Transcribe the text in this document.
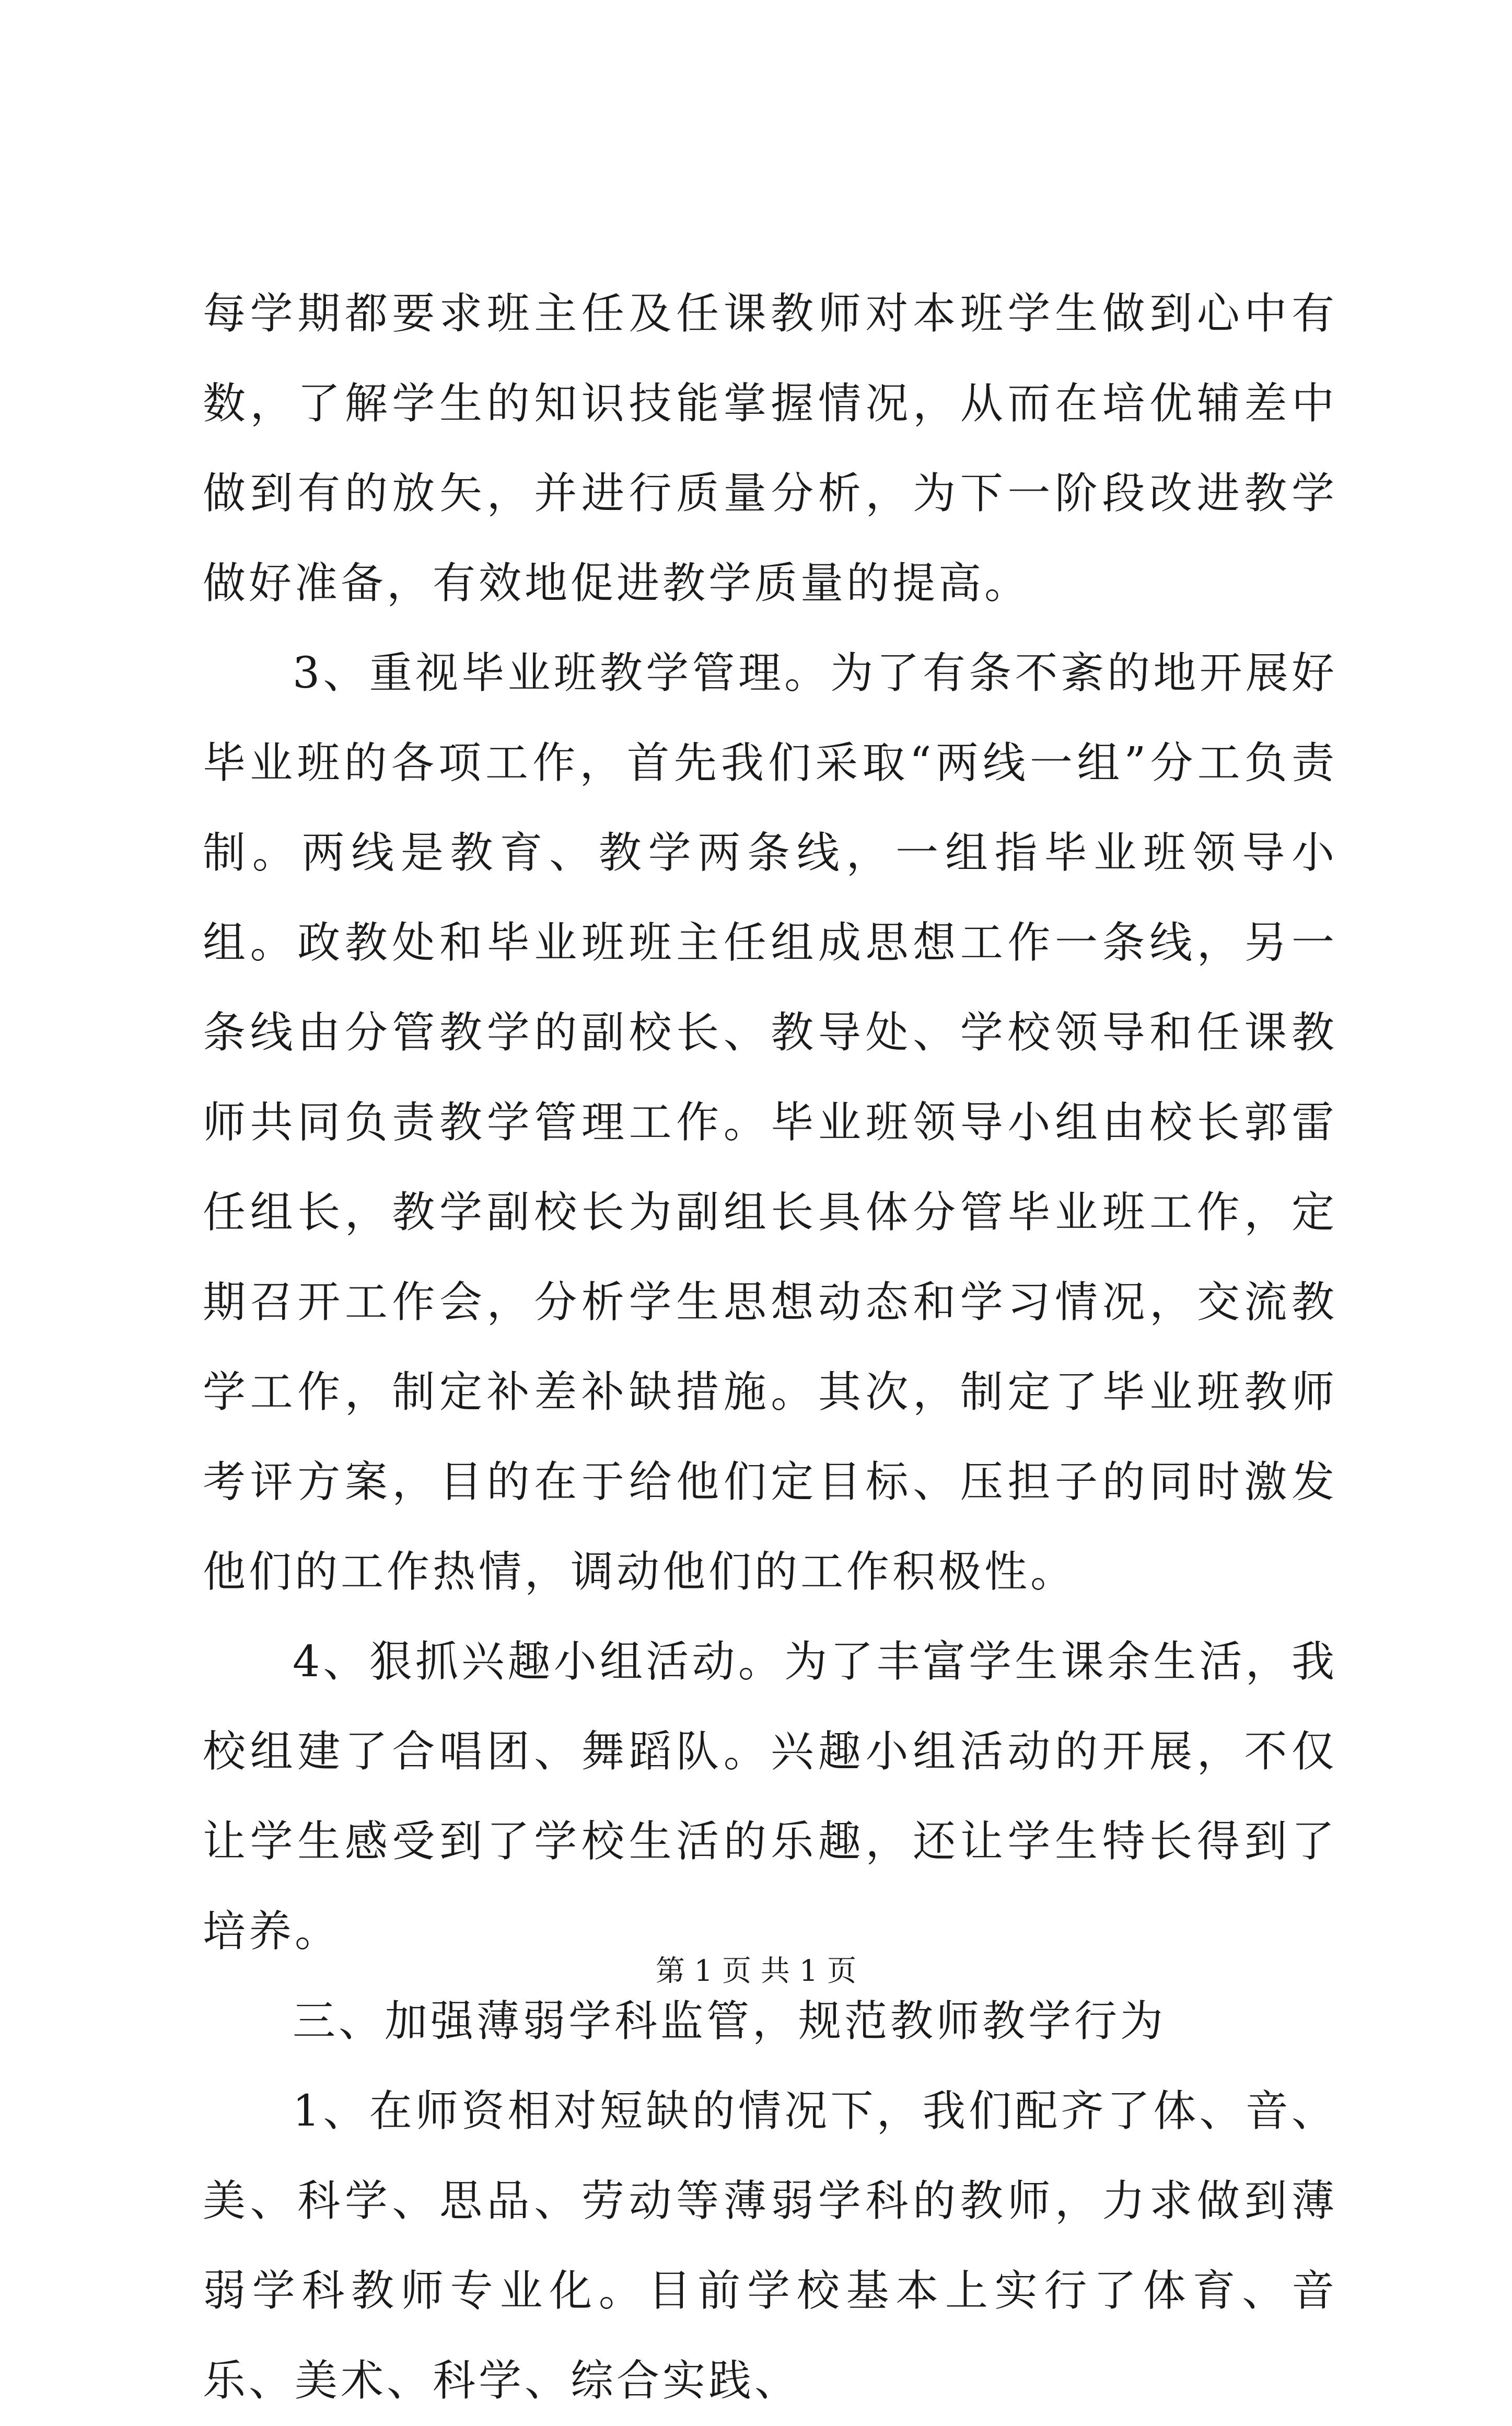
每学期都要求班主任及任课教师对本班学生做到心中有数，了解学生的知识技能掌握情况，从而在培优辅差中做到有的放矢，并进行质量分析，为下一阶段改进教学做好准备，有效地促进教学质量的提高。

3、重视毕业班教学管理。为了有条不紊的地开展好毕业班的各项工作，首先我们采取“两线一组”分工负责制。两线是教育、教学两条线，一组指毕业班领导小组。政教处和毕业班班主任组成思想工作一条线，另一条线由分管教学的副校长、教导处、学校领导和任课教师共同负责教学管理工作。毕业班领导小组由校长郭雷任组长，教学副校长为副组长具体分管毕业班工作，定期召开工作会，分析学生思想动态和学习情况，交流教学工作，制定补差补缺措施。其次，制定了毕业班教师考评方案，目的在于给他们定目标、压担子的同时激发他们的工作热情，调动他们的工作积极性。

4、狠抓兴趣小组活动。为了丰富学生课余生活，我校组建了合唱团、舞蹈队。兴趣小组活动的开展，不仅让学生感受到了学校生活的乐趣，还让学生特长得到了培养。

三、加强薄弱学科监管，规范教师教学行为

1、在师资相对短缺的情况下，我们配齐了体、音、美、科学、思品、劳动等薄弱学科的教师，力求做到薄弱学科教师专业化。目前学校基本上实行了体育、音乐、美术、科学、综合实践、

第 1 页 共 1 页
